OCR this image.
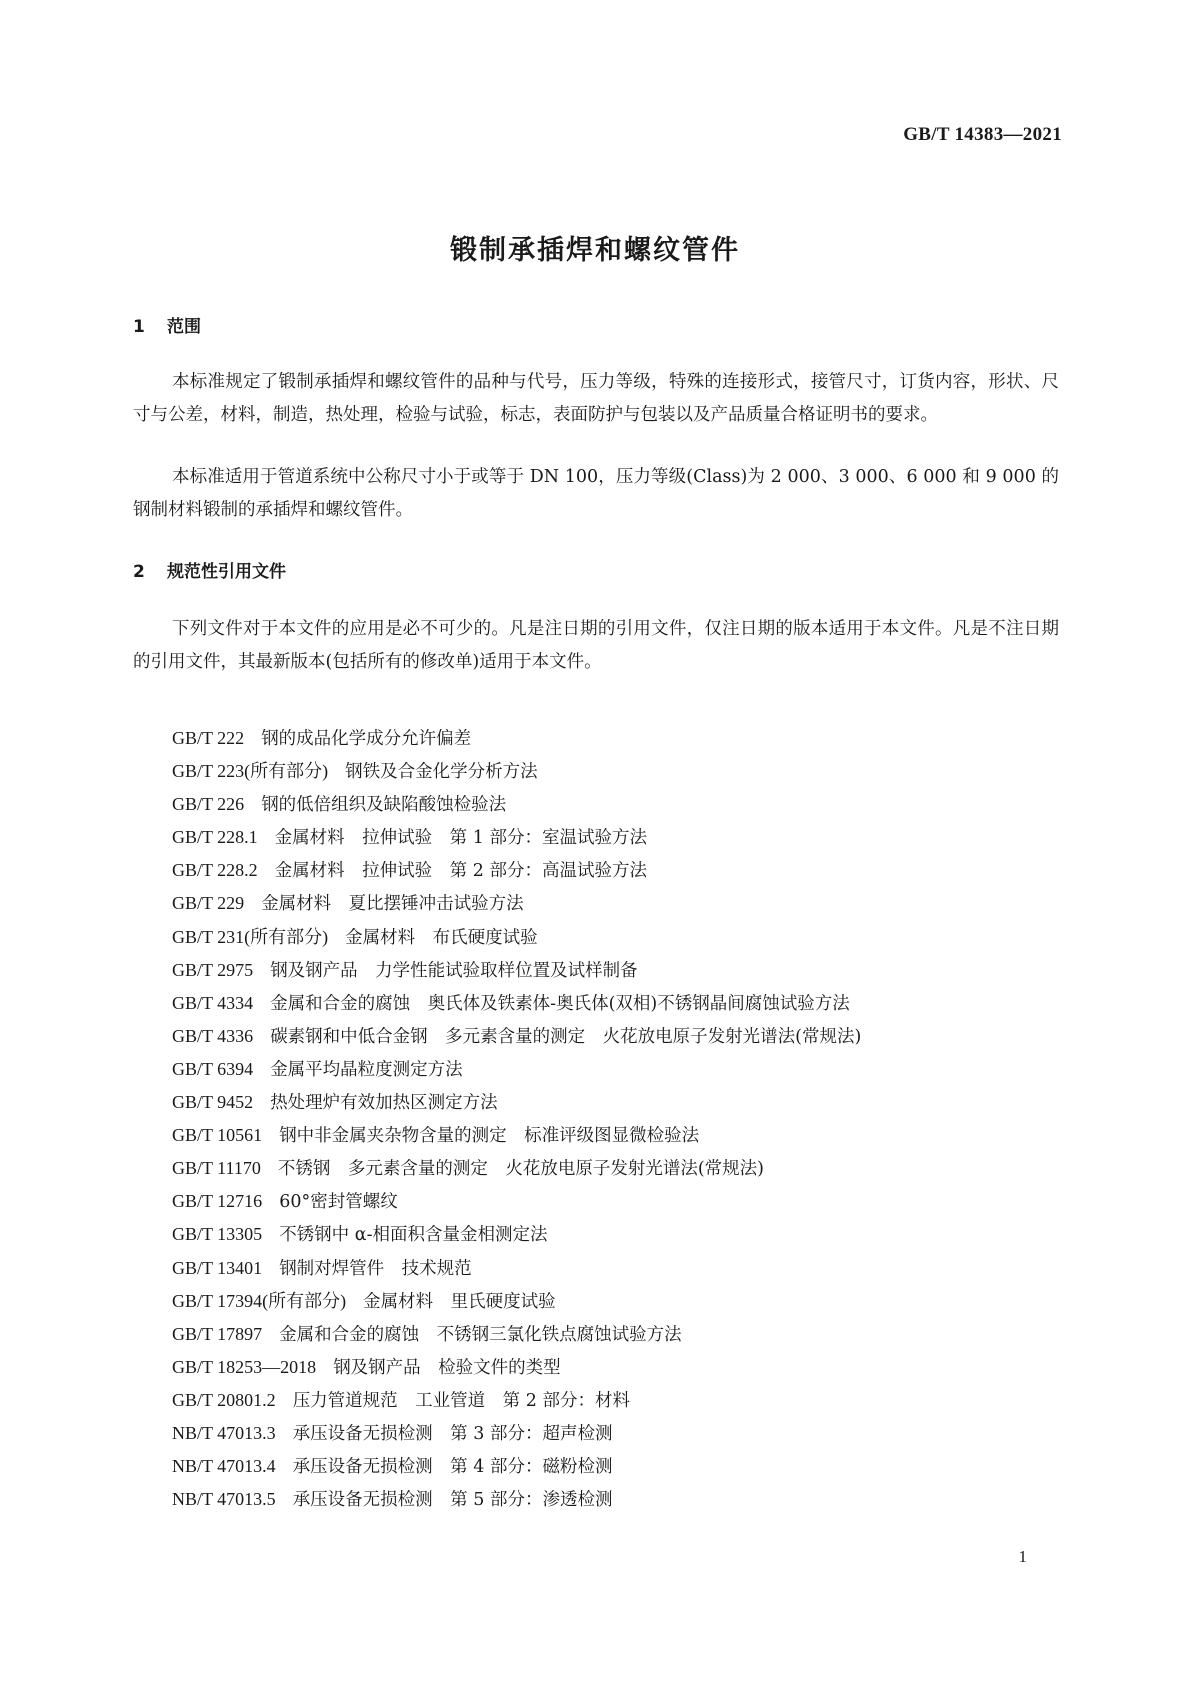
GB/T 14383—2021
锻制承插焊和螺纹管件
1 范围

本标准规定了锻制承插焊和螺纹管件的品种与代号，压力等级，特殊的连接形式，接管尺寸，订货内容，形状、尺寸与公差，材料，制造，热处理，检验与试验，标志，表面防护与包装以及产品质量合格证明书的要求。

本标准适用于管道系统中公称尺寸小于或等于 DN 100，压力等级(Class)为 2 000、3 000、6 000 和 9 000 的钢制材料锻制的承插焊和螺纹管件。

2 规范性引用文件

下列文件对于本文件的应用是必不可少的。凡是注日期的引用文件，仅注日期的版本适用于本文件。凡是不注日期的引用文件，其最新版本(包括所有的修改单)适用于本文件。

GB/T 222 钢的成品化学成分允许偏差
GB/T 223(所有部分) 钢铁及合金化学分析方法
GB/T 226 钢的低倍组织及缺陷酸蚀检验法
GB/T 228.1 金属材料　拉伸试验　第 1 部分：室温试验方法
GB/T 228.2 金属材料　拉伸试验　第 2 部分：高温试验方法
GB/T 229 金属材料　夏比摆锤冲击试验方法
GB/T 231(所有部分) 金属材料　布氏硬度试验
GB/T 2975 钢及钢产品　力学性能试验取样位置及试样制备
GB/T 4334 金属和合金的腐蚀　奥氏体及铁素体-奥氏体(双相)不锈钢晶间腐蚀试验方法
GB/T 4336 碳素钢和中低合金钢　多元素含量的测定　火花放电原子发射光谱法(常规法)
GB/T 6394 金属平均晶粒度测定方法
GB/T 9452 热处理炉有效加热区测定方法
GB/T 10561 钢中非金属夹杂物含量的测定　标准评级图显微检验法
GB/T 11170 不锈钢　多元素含量的测定　火花放电原子发射光谱法(常规法)
GB/T 12716 60°密封管螺纹
GB/T 13305 不锈钢中 α-相面积含量金相测定法
GB/T 13401 钢制对焊管件　技术规范
GB/T 17394(所有部分) 金属材料　里氏硬度试验
GB/T 17897 金属和合金的腐蚀　不锈钢三氯化铁点腐蚀试验方法
GB/T 18253—2018 钢及钢产品　检验文件的类型
GB/T 20801.2 压力管道规范　工业管道　第 2 部分：材料
NB/T 47013.3 承压设备无损检测　第 3 部分：超声检测
NB/T 47013.4 承压设备无损检测　第 4 部分：磁粉检测
NB/T 47013.5 承压设备无损检测　第 5 部分：渗透检测
1
